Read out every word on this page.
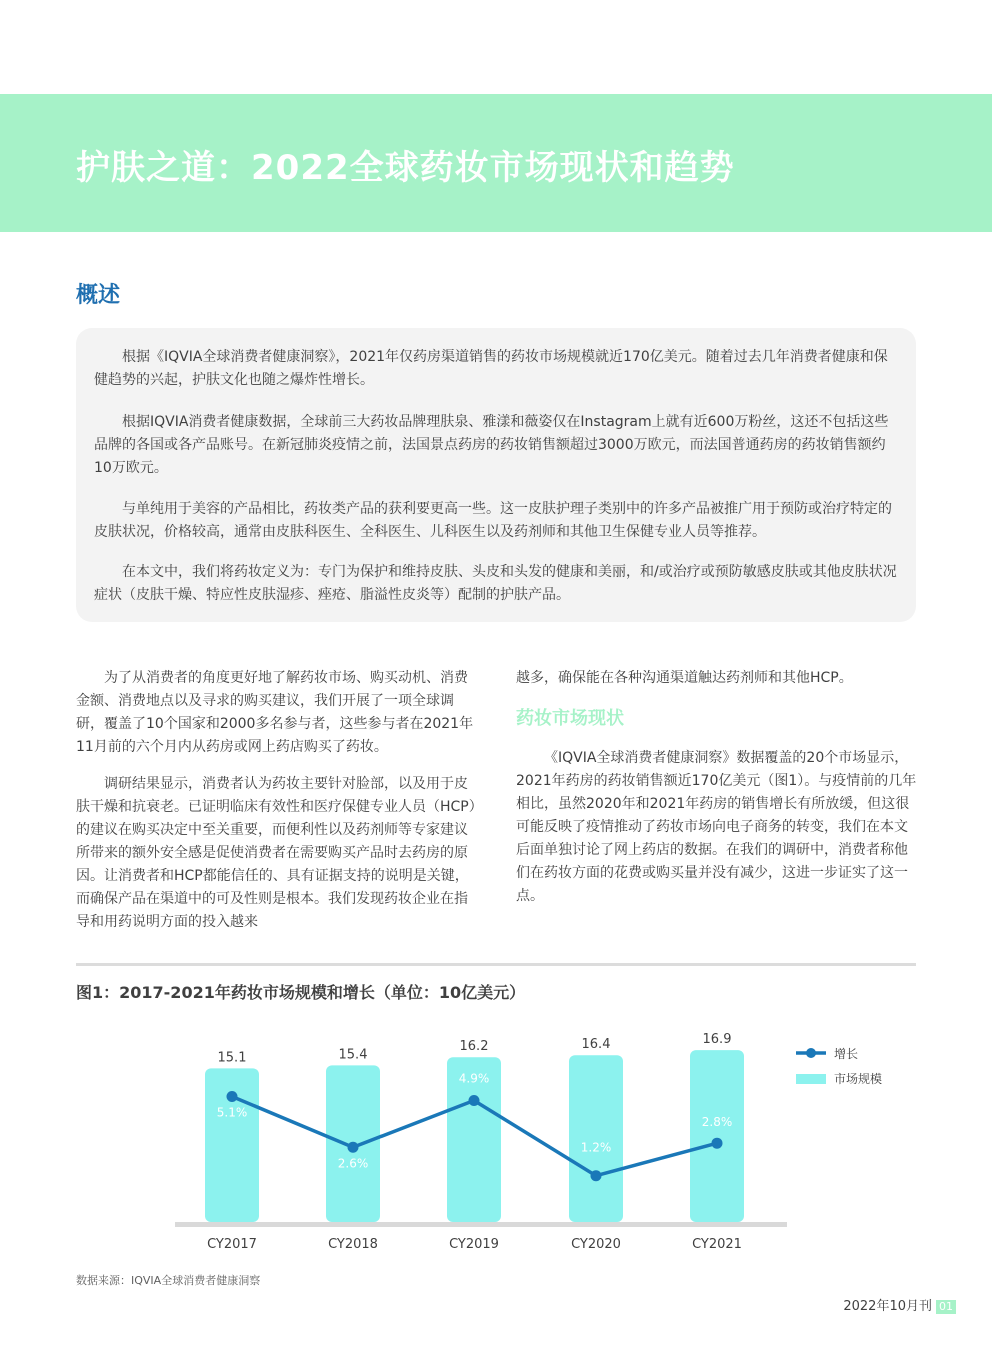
护肤之道：2022全球药妆市场现状和趋势
概述

根据《IQVIA全球消费者健康洞察》，2021年仅药房渠道销售的药妆市场规模就近170亿美元。随着过去几年消费者健康和保健趋势的兴起，护肤文化也随之爆炸性增长。

根据IQVIA消费者健康数据，全球前三大药妆品牌理肤泉、雅漾和薇姿仅在Instagram上就有近600万粉丝，这还不包括这些品牌的各国或各产品账号。在新冠肺炎疫情之前，法国景点药房的药妆销售额超过3000万欧元，而法国普通药房的药妆销售额约10万欧元。

与单纯用于美容的产品相比，药妆类产品的获利要更高一些。这一皮肤护理子类别中的许多产品被推广用于预防或治疗特定的皮肤状况，价格较高，通常由皮肤科医生、全科医生、儿科医生以及药剂师和其他卫生保健专业人员等推荐。

在本文中，我们将药妆定义为：专门为保护和维持皮肤、头皮和头发的健康和美丽，和/或治疗或预防敏感皮肤或其他皮肤状况症状（皮肤干燥、特应性皮肤湿疹、痤疮、脂溢性皮炎等）配制的护肤产品。

为了从消费者的角度更好地了解药妆市场、购买动机、消费金额、消费地点以及寻求的购买建议，我们开展了一项全球调研，覆盖了10个国家和2000多名参与者，这些参与者在2021年11月前的六个月内从药房或网上药店购买了药妆。

调研结果显示，消费者认为药妆主要针对脸部，以及用于皮肤干燥和抗衰老。已证明临床有效性和医疗保健专业人员（HCP）的建议在购买决定中至关重要，而便利性以及药剂师等专家建议所带来的额外安全感是促使消费者在需要购买产品时去药房的原因。让消费者和HCP都能信任的、具有证据支持的说明是关键，而确保产品在渠道中的可及性则是根本。我们发现药妆企业在指导和用药说明方面的投入越来

越多，确保能在各种沟通渠道触达药剂师和其他HCP。

药妆市场现状

《IQVIA全球消费者健康洞察》数据覆盖的20个市场显示，2021年药房的药妆销售额近170亿美元（图1）。与疫情前的几年相比，虽然2020年和2021年药房的销售增长有所放缓，但这很可能反映了疫情推动了药妆市场向电子商务的转变，我们在本文后面单独讨论了网上药店的数据。在我们的调研中，消费者称他们在药妆方面的花费或购买量并没有减少，这进一步证实了这一点。

图1：2017-2021年药妆市场规模和增长（单位：10亿美元）
15.1	15.4
16.2	16.4	16.9
CY2017	CY2018	CY2019	CY2020	CY2021
5.1%
2.6%
4.9%
1.2%
2.8%
增长
市场规模

数据来源：IQVIA全球消费者健康洞察

2022年10月刊 01
